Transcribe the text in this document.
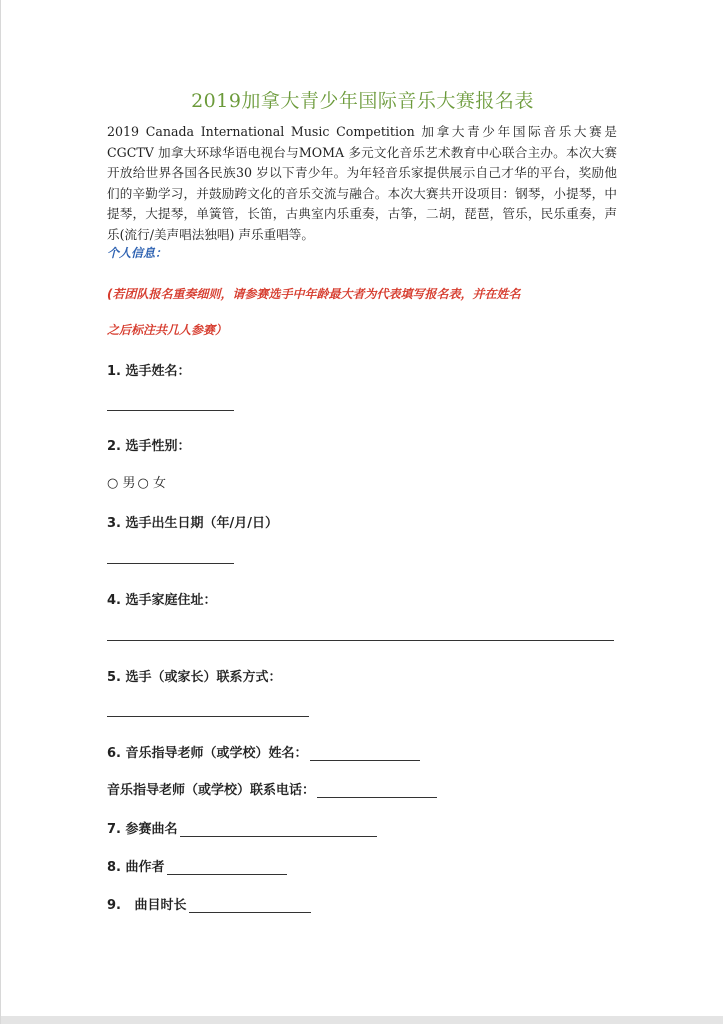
2019加拿大青少年国际音乐大赛报名表
2019 Canada International Music Competition 加拿大青少年国际音乐大赛是CGCTV 加拿大环球华语电视台与MOMA 多元文化音乐艺术教育中心联合主办。本次大赛开放给世界各国各民族30 岁以下青少年。为年轻音乐家提供展示自己才华的平台，奖励他们的辛勤学习，并鼓励跨文化的音乐交流与融合。本次大赛共开设项目：钢琴，小提琴，中提琴，大提琴，单簧管，长笛，古典室内乐重奏，古筝，二胡，琵琶，管乐，民乐重奏，声乐(流行/美声唱法独唱) 声乐重唱等。
个人信息：
(若团队报名重奏细则，请参赛选手中年龄最大者为代表填写报名表，并在姓名
之后标注共几人参赛）
1. 选手姓名：
2. 选手性别：
○ 男 ○ 女
3. 选手出生日期（年/月/日）
4. 选手家庭住址：
5. 选手（或家长）联系方式：
6. 音乐指导老师（或学校）姓名：
音乐指导老师（或学校）联系电话：
7. 参赛曲名
8. 曲作者
9.   曲目时长
